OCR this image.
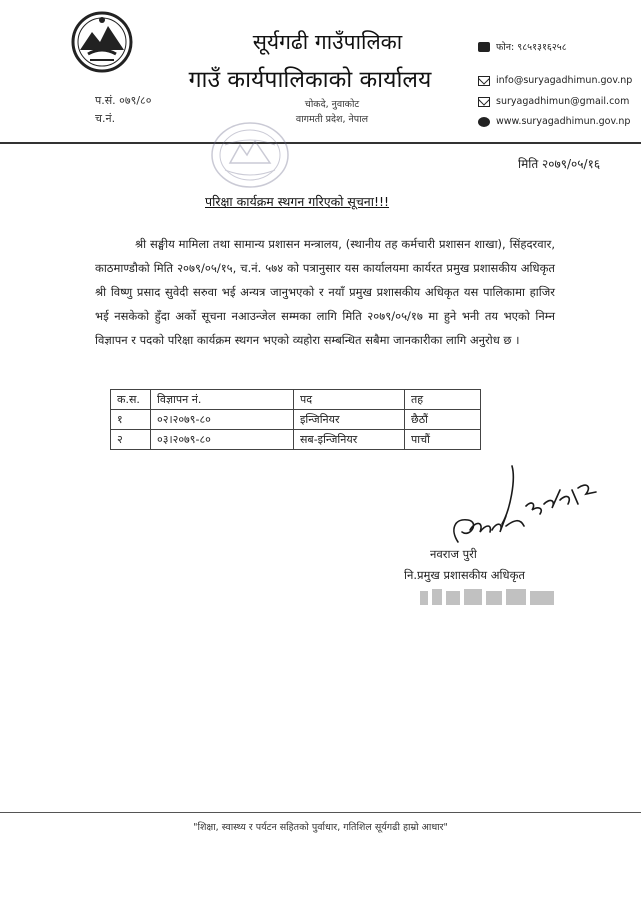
सूर्यगढी गाउँपालिका
गाउँ कार्यपालिकाको कार्यालय
प.सं. ०७९/८०
च.नं.
चोकदे, नुवाकोट
वागमती प्रदेश, नेपाल
फोन: ९८५१३१६२५८
info@suryagadhimun.gov.np
suryagadhimun@gmail.com
www.suryagadhimun.gov.np
मिति २०७९/०५/१६
परिक्षा कार्यक्रम स्थगन गरिएको सूचना!!!
श्री सङ्घीय मामिला तथा सामान्य प्रशासन मन्त्रालय, (स्थानीय तह कर्मचारी प्रशासन शाखा), सिंहदरवार, काठमाण्डौको मिति २०७९/०५/१५, च.नं. ५७४ को पत्रानुसार यस कार्यालयमा कार्यरत प्रमुख प्रशासकीय अधिकृत श्री विष्णु प्रसाद सुवेदी सरुवा भई अन्यत्र जानुभएको र नयाँ प्रमुख प्रशासकीय अधिकृत यस पालिकामा हाजिर भई नसकेको हुँदा अर्को सूचना नआउन्जेल सम्मका लागि मिति २०७९/०५/१७ मा हुने भनी तय भएको निम्न विज्ञापन र पदको परिक्षा कार्यक्रम स्थगन भएको व्यहोरा सम्बन्धित सबैमा जानकारीका लागि अनुरोध छ ।
क.स.	विज्ञापन नं.	पद	तह
१	०२।२०७९-८०	इन्जिनियर	छैठौं
२	०३।२०७९-८०	सब-इन्जिनियर	पाचौं
नवराज पुरी
नि.प्रमुख प्रशासकीय अधिकृत
"शिक्षा, स्वास्थ्य र पर्यटन सहितको पुर्वाधार, गतिशिल सूर्यगढी हाम्रो आधार"
